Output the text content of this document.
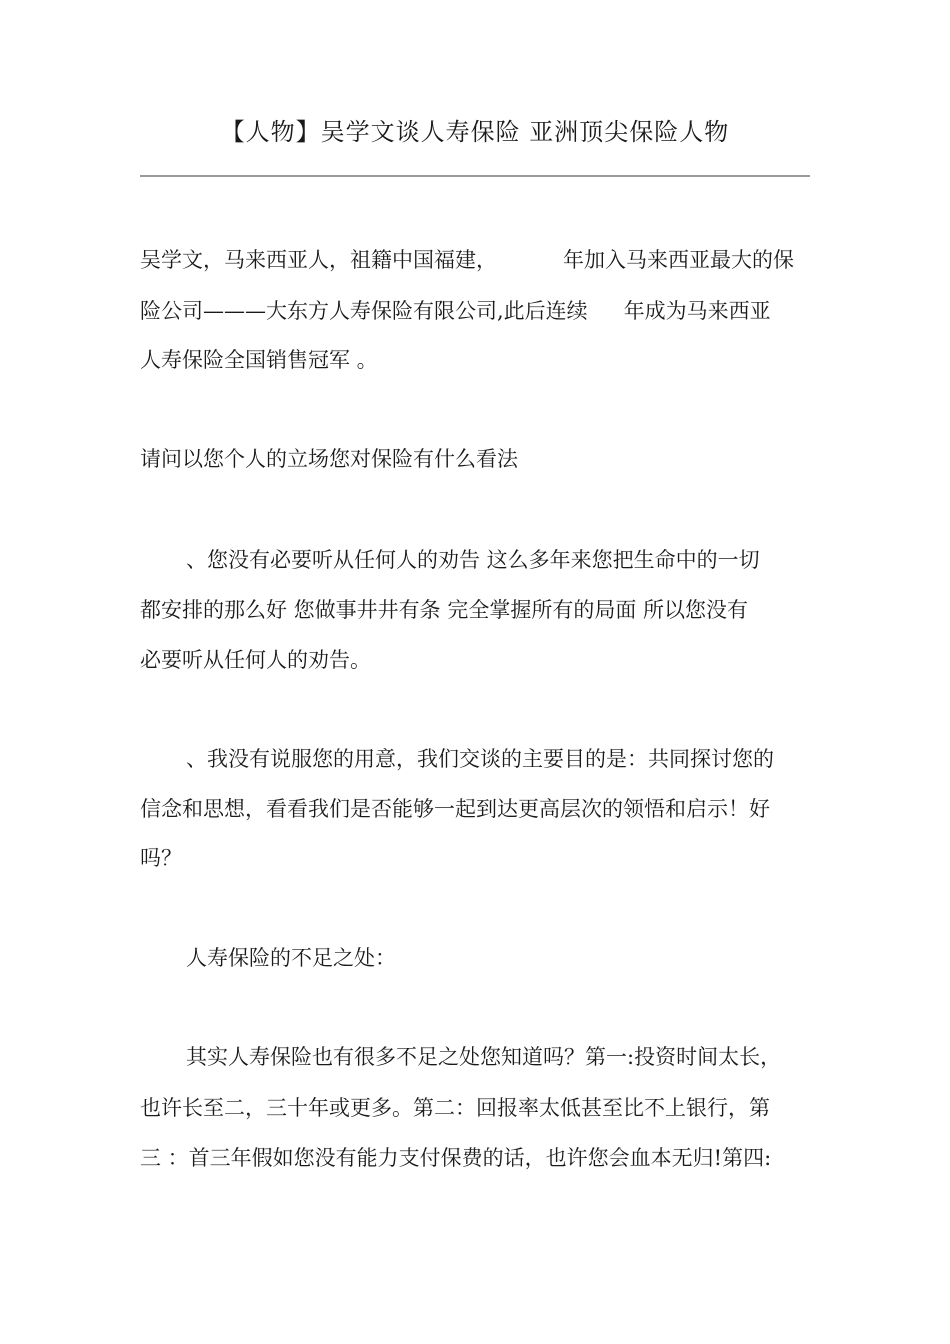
【人物】吴学文谈人寿保险 亚洲顶尖保险人物
吴学文，马来西亚人，祖籍中国福建，	年加入马来西亚最大的保
险公司———大东方人寿保险有限公司,此后连续 年成为马来西亚
人寿保险全国销售冠军 。
请问以您个人的立场您对保险有什么看法
、您没有必要听从任何人的劝告 这么多年来您把生命中的一切
都安排的那么好 您做事井井有条 完全掌握所有的局面 所以您没有
必要听从任何人的劝告。
、我没有说服您的用意，我们交谈的主要目的是：共同探讨您的
信念和思想，看看我们是否能够一起到达更高层次的领悟和启示！好
吗？
人寿保险的不足之处：
其实人寿保险也有很多不足之处您知道吗？第一:投资时间太长，
也许长至二，三十年或更多。第二：回报率太低甚至比不上银行，第
三 ：首三年假如您没有能力支付保费的话，也许您会血本无归!第四:
